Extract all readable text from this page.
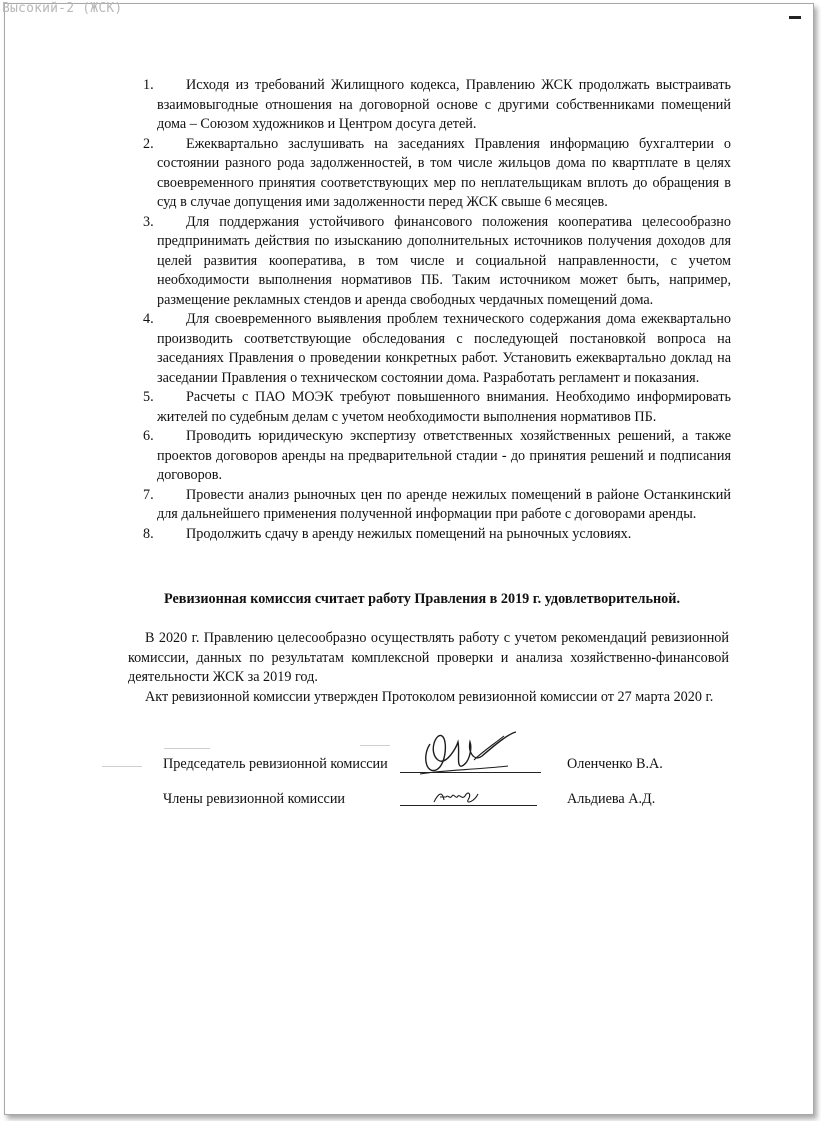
Высокий-2 (ЖСК)
1.	Исходя из требований Жилищного кодекса, Правлению ЖСК продолжать выстраивать взаимовыгодные отношения на договорной основе с другими собственниками помещений дома – Союзом художников и Центром досуга детей.
2.	Ежеквартально заслушивать на заседаниях Правления информацию бухгалтерии о состоянии разного рода задолженностей, в том числе жильцов дома по квартплате в целях своевременного принятия соответствующих мер по неплательщикам вплоть до обращения в суд в случае допущения ими задолженности перед ЖСК свыше 6 месяцев.
3.	Для поддержания устойчивого финансового положения кооператива целесообразно предпринимать действия по изысканию дополнительных источников получения доходов для целей развития кооператива, в том числе и социальной направленности, с учетом необходимости выполнения нормативов ПБ. Таким источником может быть, например, размещение рекламных стендов и аренда свободных чердачных помещений дома.
4.	Для своевременного выявления проблем технического содержания дома ежеквартально производить соответствующие обследования с последующей постановкой вопроса на заседаниях Правления о проведении конкретных работ. Установить ежеквартально доклад на заседании Правления о техническом состоянии дома. Разработать регламент и показания.
5.	Расчеты с ПАО МОЭК требуют повышенного внимания. Необходимо информировать жителей по судебным делам с учетом необходимости выполнения нормативов ПБ.
6.	Проводить юридическую экспертизу ответственных хозяйственных решений, а также проектов договоров аренды на предварительной стадии - до принятия решений и подписания договоров.
7.	Провести анализ рыночных цен по аренде нежилых помещений в районе Останкинский для дальнейшего применения полученной информации при работе с договорами аренды.
8.	Продолжить сдачу в аренду нежилых помещений на рыночных условиях.
Ревизионная комиссия считает работу Правления в 2019 г. удовлетворительной.
В 2020 г. Правлению целесообразно осуществлять работу с учетом рекомендаций ревизионной комиссии, данных по результатам комплексной проверки и анализа хозяйственно-финансовой деятельности ЖСК за 2019 год.
Акт ревизионной комиссии утвержден Протоколом ревизионной комиссии от 27 марта 2020 г.
Председатель ревизионной комиссии	Оленченко В.А.
Члены ревизионной комиссии	Альдиева А.Д.
